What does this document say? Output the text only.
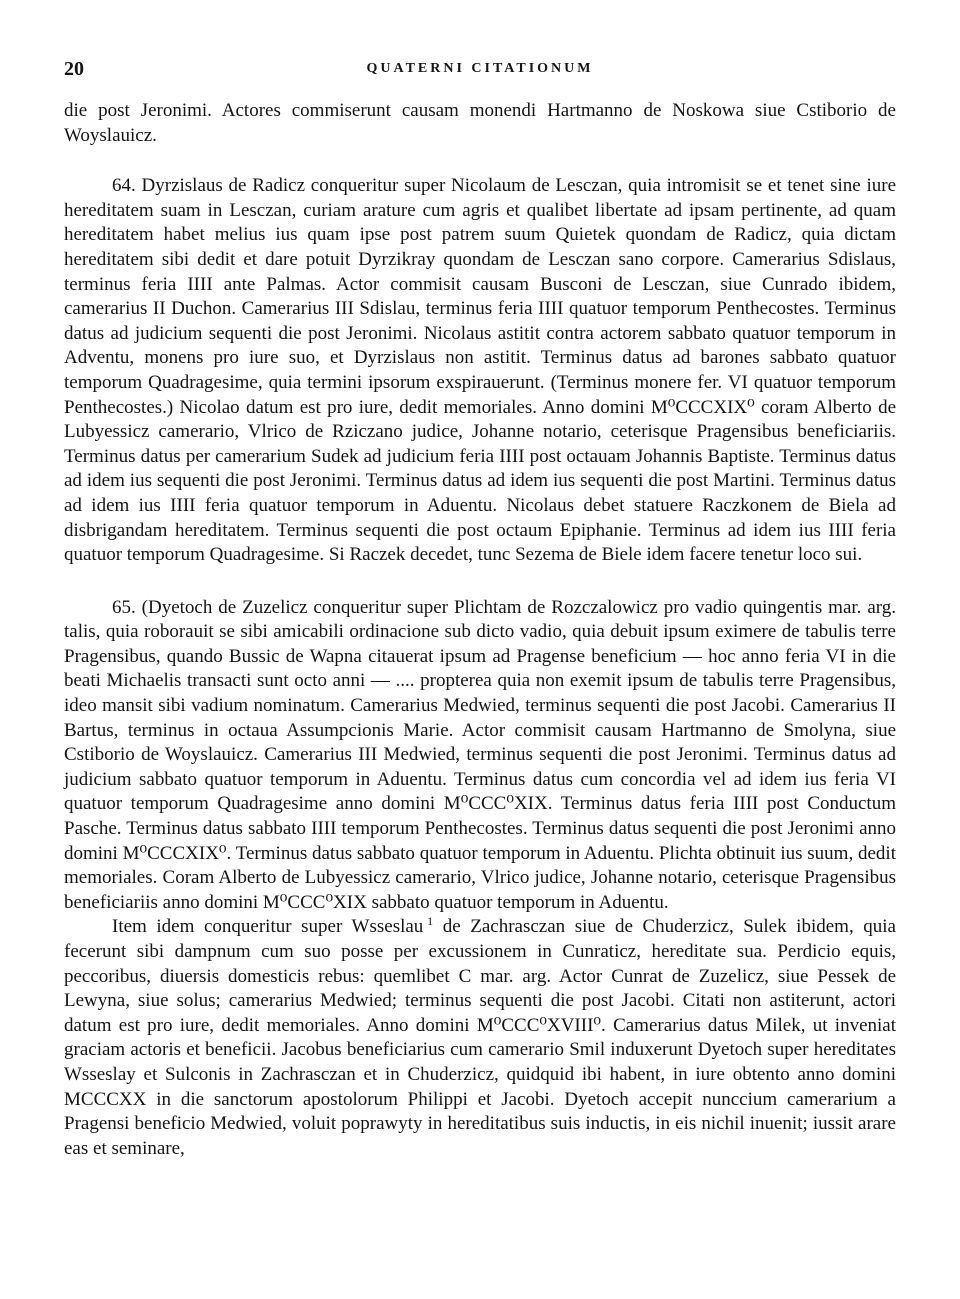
20	QUATERNI CITATIONUM

die post Jeronimi. Actores commiserunt causam monendi Hartmanno de Noskowa siue Cstiborio de Woyslauicz.

64. Dyrzislaus de Radicz conqueritur super Nicolaum de Lesczan, quia intromisit se et tenet sine iure hereditatem suam in Lesczan, curiam arature cum agris et qualibet libertate ad ipsam pertinente, ad quam hereditatem habet melius ius quam ipse post patrem suum Quietek quondam de Radicz, quia dictam hereditatem sibi dedit et dare potuit Dyrzikray quondam de Lesczan sano corpore. Camerarius Sdislaus, terminus feria IIII ante Palmas. Actor commisit causam Busconi de Lesczan, siue Cunrado ibidem, camerarius II Duchon. Camerarius III Sdislau, terminus feria IIII quatuor temporum Penthecostes. Terminus datus ad judicium sequenti die post Jeronimi. Nicolaus astitit contra actorem sabbato quatuor temporum in Adventu, monens pro iure suo, et Dyrzislaus non astitit. Terminus datus ad barones sabbato quatuor temporum Quadragesime, quia termini ipsorum exspirauerunt. (Terminus monere fer. VI quatuor temporum Penthecostes.) Nicolao datum est pro iure, dedit memoriales. Anno domini M⁰CCCXIX⁰ coram Alberto de Lubyessicz camerario, Vlrico de Rziczano judice, Johanne notario, ceterisque Pragensibus beneficiariis. Terminus datus per camerarium Sudek ad judicium feria IIII post octauam Johannis Baptiste. Terminus datus ad idem ius sequenti die post Jeronimi. Terminus datus ad idem ius sequenti die post Martini. Terminus datus ad idem ius IIII feria quatuor temporum in Aduentu. Nicolaus debet statuere Raczkonem de Biela ad disbrigandam hereditatem. Terminus sequenti die post octaum Epiphanie. Terminus ad idem ius IIII feria quatuor temporum Quadragesime. Si Raczek decedet, tunc Sezema de Biele idem facere tenetur loco sui.

65. (Dyetoch de Zuzelicz conqueritur super Plichtam de Rozczalowicz pro vadio quingentis mar. arg. talis, quia roborauit se sibi amicabili ordinacione sub dicto vadio, quia debuit ipsum eximere de tabulis terre Pragensibus, quando Bussic de Wapna citauerat ipsum ad Pragense beneficium — hoc anno feria VI in die beati Michaelis transacti sunt octo anni — .... propterea quia non exemit ipsum de tabulis terre Pragensibus, ideo mansit sibi vadium nominatum. Camerarius Medwied, terminus sequenti die post Jacobi. Camerarius II Bartus, terminus in octaua Assumpcionis Marie. Actor commisit causam Hartmanno de Smolyna, siue Cstiborio de Woyslauicz. Camerarius III Medwied, terminus sequenti die post Jeronimi. Terminus datus ad judicium sabbato quatuor temporum in Aduentu. Terminus datus cum concordia vel ad idem ius feria VI quatuor temporum Quadragesime anno domini M⁰CCC⁰XIX. Terminus datus feria IIII post Conductum Pasche. Terminus datus sabbato IIII temporum Penthecostes. Terminus datus sequenti die post Jeronimi anno domini M⁰CCCXIX⁰. Terminus datus sabbato quatuor temporum in Aduentu. Plichta obtinuit ius suum, dedit memoriales. Coram Alberto de Lubyessicz camerario, Vlrico judice, Johanne notario, ceterisque Pragensibus beneficiariis anno domini M⁰CCC⁰XIX sabbato quatuor temporum in Aduentu.

Item idem conqueritur super Wsseslau  $^1$ de Zachrasczan siue de Chuderzicz, Sulek ibidem, quia fecerunt sibi dampnum cum suo posse per excussionem in Cunraticz, hereditate sua. Perdicio equis, peccoribus, diuersis domesticis rebus: quemlibet C mar. arg. Actor Cunrat de Zuzelicz, siue Pessek de Lewyna, siue solus; camerarius Medwied; terminus sequenti die post Jacobi. Citati non astiterunt, actori datum est pro iure, dedit memoriales. Anno domini M⁰CCC⁰XVIII⁰. Camerarius datus Milek, ut inveniat graciam actoris et beneficii. Jacobus beneficiarius cum camerario Smil induxerunt Dyetoch super hereditates Wsseslay et Sulconis in Zachrasczan et in Chuderzicz, quidquid ibi habent, in iure obtento anno domini MCCCXX in die sanctorum apostolorum Philippi et Jacobi. Dyetoch accepit nunccium camerarium a Pragensi beneficio Medwied, voluit poprawyty in hereditatibus suis inductis, in eis nichil inuenit; iussit arare eas et seminare,
